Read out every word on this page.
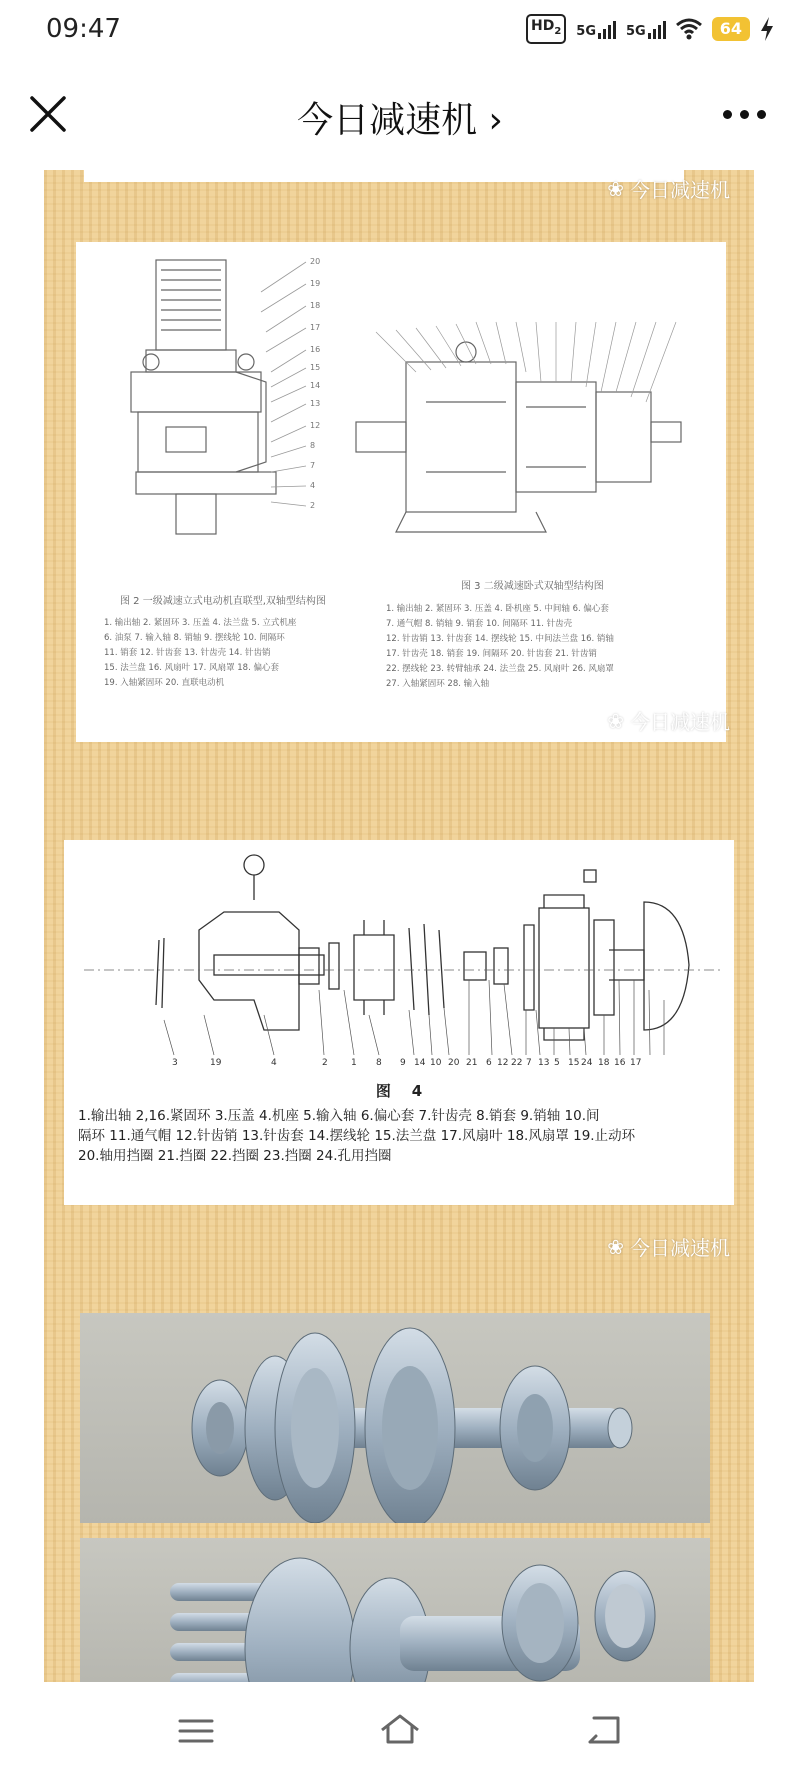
09:47	$HD_2$	5G 5G	64
今日减速机 ›
❀ 今日减速机
20
19
18
17
16
15
14
13
12
8
7
4
2
图 2 一级减速立式电动机直联型,双轴型结构图
1. 输出轴 2. 紧固环 3. 压盖 4. 法兰盘 5. 立式机座
6. 油泵 7. 输入轴 8. 销轴 9. 摆线轮 10. 间隔环
11. 销套 12. 针齿套 13. 针齿壳 14. 针齿销
15. 法兰盘 16. 风扇叶 17. 风扇罩 18. 偏心套
19. 入轴紧固环 20. 直联电动机
图 3 二级减速卧式双轴型结构图
1. 输出轴 2. 紧固环 3. 压盖 4. 卧机座 5. 中间轴 6. 偏心套
7. 通气帽 8. 销轴 9. 销套 10. 间隔环 11. 针齿壳
12. 针齿销 13. 针齿套 14. 摆线轮 15. 中间法兰盘 16. 销轴
17. 针齿壳 18. 销套 19. 间隔环 20. 针齿套 21. 针齿销
22. 摆线轮 23. 转臂轴承 24. 法兰盘 25. 风扇叶 26. 风扇罩
27. 入轴紧固环 28. 输入轴
❀ 今日减速机
3	19	4	2	1 8 9 14 10 20 21 6 12 22 7 13 5 15 24 18 16 17
图    4
1.输出轴 2,16.紧固环 3.压盖 4.机座 5.输入轴 6.偏心套 7.针齿壳 8.销套 9.销轴 10.间
隔环 11.通气帽 12.针齿销 13.针齿套 14.摆线轮 15.法兰盘 17.风扇叶 18.风扇罩 19.止动环
20.轴用挡圈 21.挡圈 22.挡圈 23.挡圈 24.孔用挡圈
❀ 今日减速机
